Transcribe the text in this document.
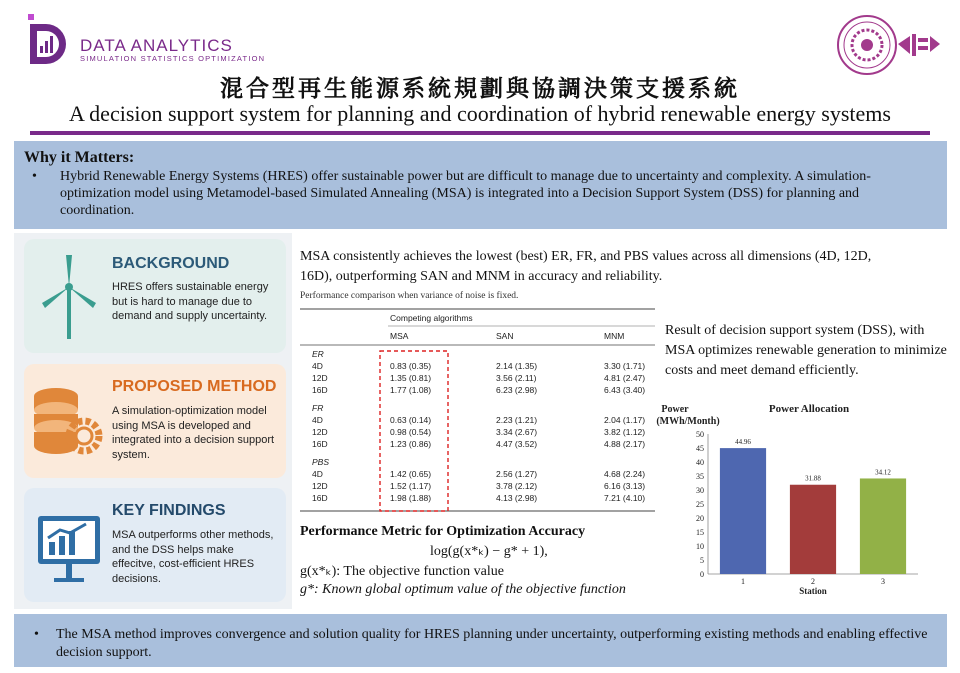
DATA ANALYTICS
SIMULATION STATISTICS OPTIMIZATION
混合型再生能源系統規劃與協調決策支援系統
A decision support system for planning and coordination of hybrid renewable energy systems
Why it Matters:
• Hybrid Renewable Energy Systems (HRES) offer sustainable power but are difficult to manage due to uncertainty and complexity. A simulation-optimization model using Metamodel-based Simulated Annealing (MSA) is integrated into a Decision Support System (DSS) for planning and coordination.
BACKGROUND
HRES offers sustainable energy but is hard to manage due to demand and supply uncertainty.
PROPOSED METHOD
A simulation-optimization model using MSA is developed and integrated into a decision support system.
KEY FINDINGS
MSA outperforms other methods, and the DSS helps make effecitve, cost-efficient HRES decisions.
MSA consistently achieves the lowest (best) ER, FR, and PBS values across all dimensions (4D, 12D, 16D), outperforming SAN and MNM in accuracy and reliability.
Performance comparison when variance of noise is fixed.
Competing algorithms
MSA	SAN	MNM
ER
4D	0.83 (0.35)	2.14 (1.35)	3.30 (1.71)
12D	1.35 (0.81)	3.56 (2.11)	4.81 (2.47)
16D	1.77 (1.08)	6.23 (2.98)	6.43 (3.40)
FR
4D	0.63 (0.14)	2.23 (1.21)	2.04 (1.17)
12D	0.98 (0.54)	3.34 (2.67)	3.82 (1.12)
16D	1.23 (0.86)	4.47 (3.52)	4.88 (2.17)
PBS
4D	1.42 (0.65)	2.56 (1.27)	4.68 (2.24)
12D	1.52 (1.17)	3.78 (2.12)	6.16 (3.13)
16D	1.98 (1.88)	4.13 (2.98)	7.21 (4.10)
Performance Metric for Optimization Accuracy
log(g(x*ₖ) − g* + 1),
g(x*ₖ): The objective function value
g*: Known global optimum value of the objective function
Result of decision support system (DSS), with MSA optimizes renewable generation to minimize costs and meet demand efficiently.
Power
(MWh/Month)
Power Allocation
0
5
10
15
20
25
30
35
40
45
50
44.96
1
31.88
2
34.12
3
Station
• The MSA method improves convergence and solution quality for HRES planning under uncertainty, outperforming existing methods and enabling effective decision support.
